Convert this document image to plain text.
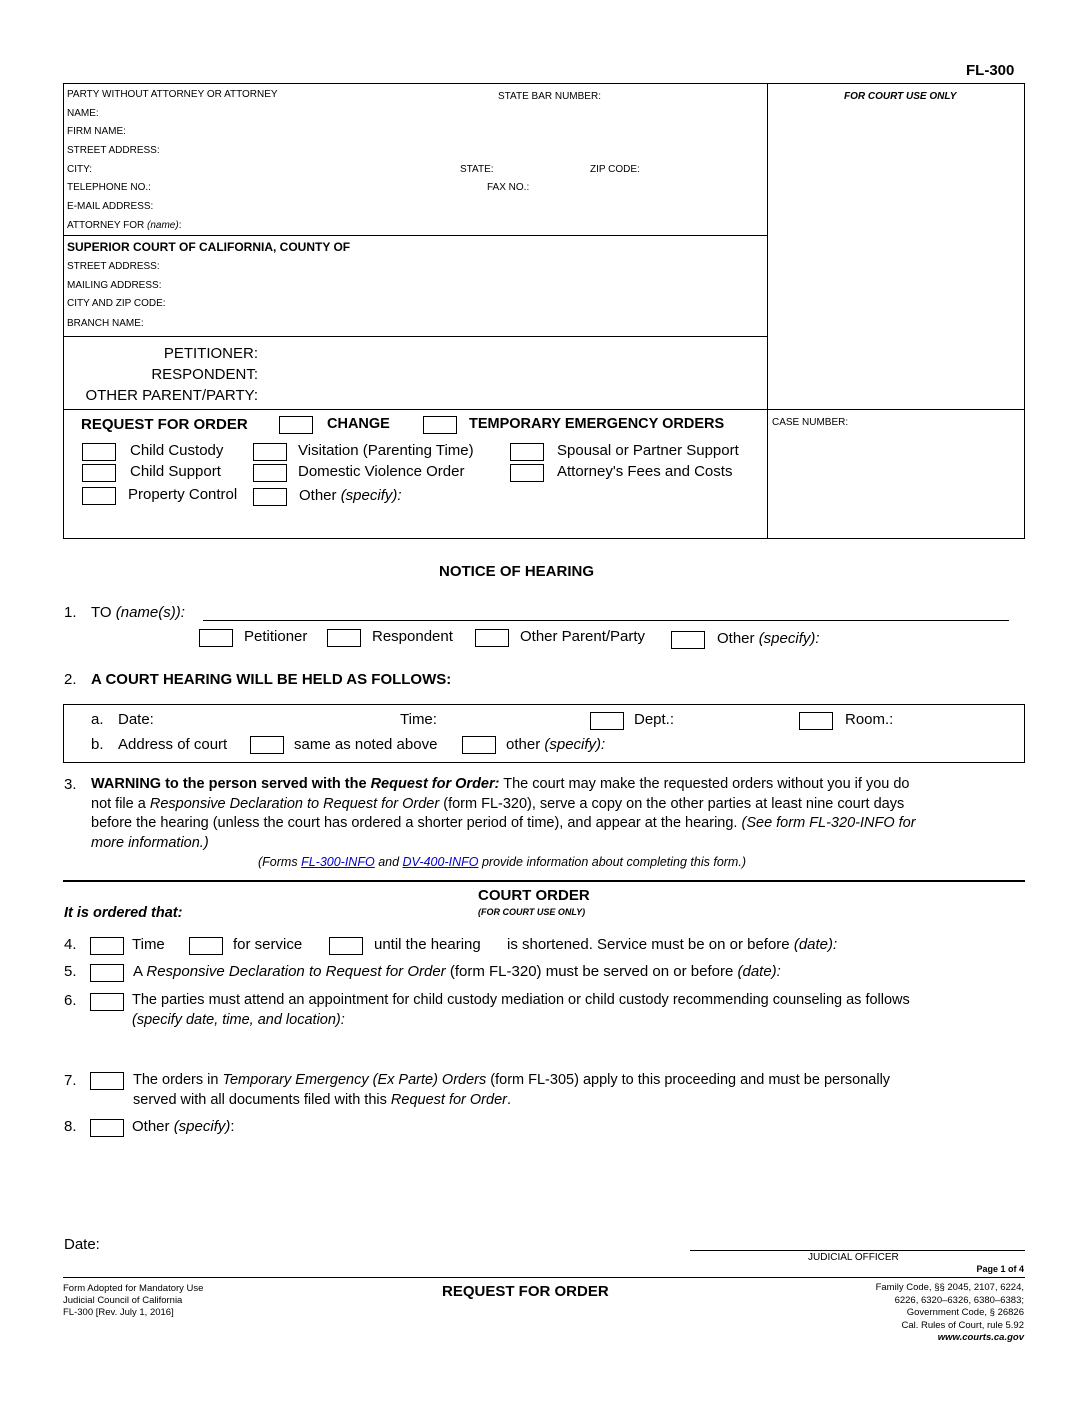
FL-300
PARTY WITHOUT ATTORNEY OR ATTORNEY	STATE BAR NUMBER:
NAME:
FIRM NAME:
STREET ADDRESS:
CITY:	STATE:	ZIP CODE:
TELEPHONE NO.:	FAX NO.:
E-MAIL ADDRESS:
ATTORNEY FOR (name):
FOR COURT USE ONLY
SUPERIOR COURT OF CALIFORNIA, COUNTY OF
STREET ADDRESS:
MAILING ADDRESS:
CITY AND ZIP CODE:
BRANCH NAME:
PETITIONER:
RESPONDENT:
OTHER PARENT/PARTY:
REQUEST FOR ORDER	CHANGE	TEMPORARY EMERGENCY ORDERS	CASE NUMBER:
Child Custody	Visitation (Parenting Time)	Spousal or Partner Support
Child Support	Domestic Violence Order	Attorney's Fees and Costs
Property Control	Other (specify):
NOTICE OF HEARING
1. TO (name(s)):
Petitioner	Respondent	Other Parent/Party	Other (specify):
2. A COURT HEARING WILL BE HELD AS FOLLOWS:
a. Date:	Time:	Dept.:	Room.:
b. Address of court	same as noted above	other (specify):
3. WARNING to the person served with the Request for Order: The court may make the requested orders without you if you do
not file a Responsive Declaration to Request for Order (form FL-320), serve a copy on the other parties at least nine court days
before the hearing (unless the court has ordered a shorter period of time), and appear at the hearing. (See form FL-320-INFO for
more information.)
(Forms FL-300-INFO and DV-400-INFO provide information about completing this form.)
COURT ORDER
(FOR COURT USE ONLY)
It is ordered that:
4.	Time	for service	until the hearing is shortened. Service must be on or before (date):
5.	A Responsive Declaration to Request for Order (form FL-320) must be served on or before (date):
6.	The parties must attend an appointment for child custody mediation or child custody recommending counseling as follows
(specify date, time, and location):
7.	The orders in Temporary Emergency (Ex Parte) Orders (form FL-305) apply to this proceeding and must be personally
served with all documents filed with this Request for Order.
8.	Other (specify):
Date:
JUDICIAL OFFICER
Page 1 of 4
Form Adopted for Mandatory Use
Judicial Council of California
FL-300 [Rev. July 1, 2016]
REQUEST FOR ORDER	Family Code, §§ 2045, 2107, 6224,
6226, 6320–6326, 6380–6383;
Government Code, § 26826
Cal. Rules of Court, rule 5.92
www.courts.ca.gov
